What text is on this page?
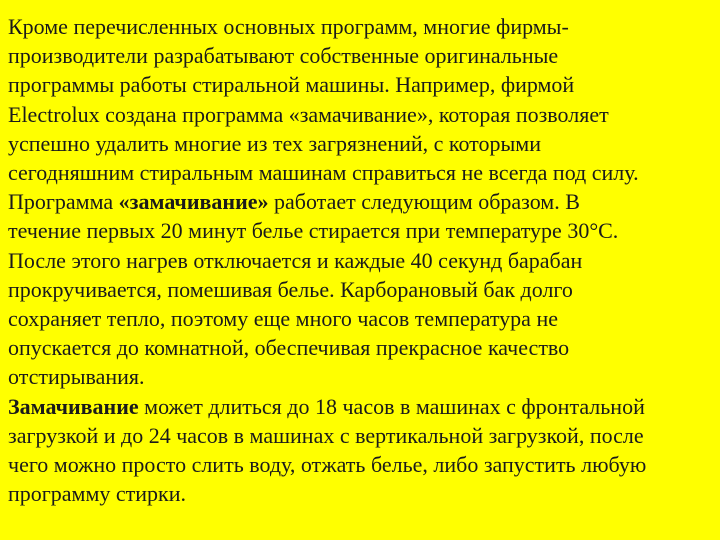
Кроме перечисленных основных программ, многие фирмы-
производители разрабатывают собственные оригинальные
программы работы стиральной машины. Например, фирмой
Electrolux создана программа «замачивание», которая позволяет
успешно удалить многие из тех загрязнений, с которыми
сегодняшним стиральным машинам справиться не всегда под силу.
Программа «замачивание» работает следующим образом. В
течение первых 20 минут белье стирается при температуре 30°С.
После этого нагрев отключается и каждые 40 секунд барабан
прокручивается, помешивая белье. Карборановый бак долго
сохраняет тепло, поэтому еще много часов температура не
опускается до комнатной, обеспечивая прекрасное качество
отстирывания.
Замачивание может длиться до 18 часов в машинах с фронтальной
загрузкой и до 24 часов в машинах с вертикальной загрузкой, после
чего можно просто слить воду, отжать белье, либо запустить любую
программу стирки.
